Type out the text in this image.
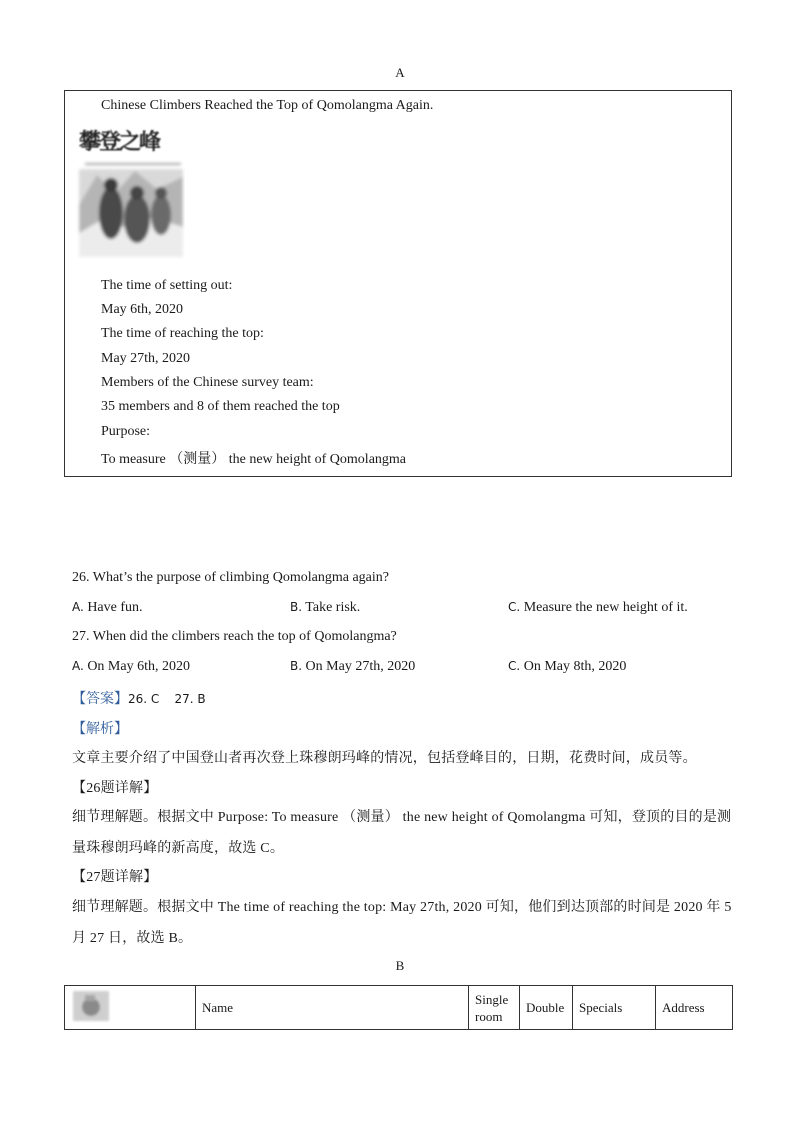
A
Chinese Climbers Reached the Top of Qomolangma Again.
攀登之峰
The time of setting out:
May 6th, 2020
The time of reaching the top:
May 27th, 2020
Members of the Chinese survey team:
35 members and 8 of them reached the top
Purpose:
To measure （测量） the new height of Qomolangma
26. What’s the purpose of climbing Qomolangma again?
A. Have fun.	B. Take risk.	C. Measure the new height of it.
27. When did the climbers reach the top of Qomolangma?
A. On May 6th, 2020	B. On May 27th, 2020	C. On May 8th, 2020
【答案】26. C    27. B
【解析】
文章主要介绍了中国登山者再次登上珠穆朗玛峰的情况，包括登峰目的，日期，花费时间，成员等。
【26题详解】
细节理解题。根据文中 Purpose: To measure （测量） the new height of Qomolangma 可知，登顶的目的是测
量珠穆朗玛峰的新高度，故选 C。
【27题详解】
细节理解题。根据文中 The time of reaching the top: May 27th, 2020 可知，他们到达顶部的时间是 2020 年 5
月 27 日，故选 B。
B
	Name	Single room	Double	Specials	Address
